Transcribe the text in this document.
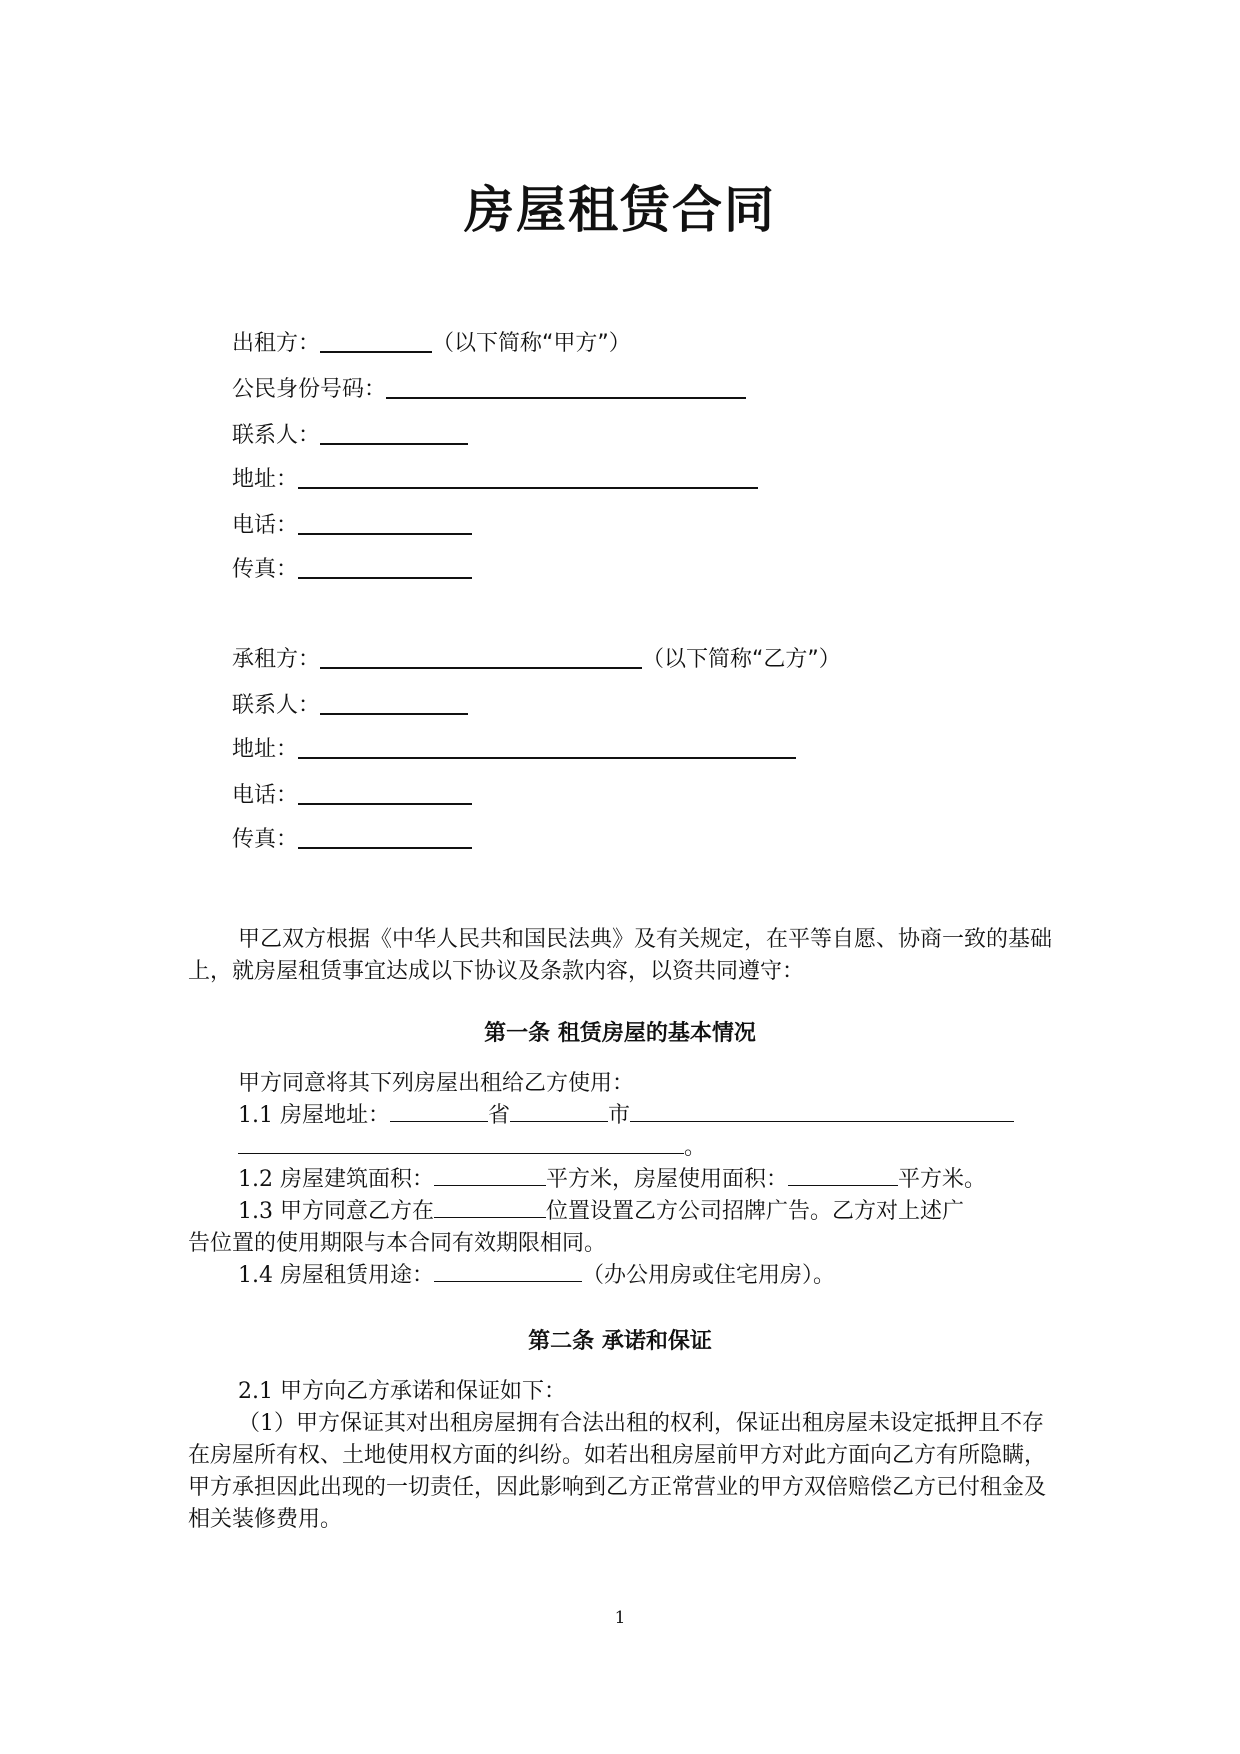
房屋租赁合同
出租方：	（以下简称“甲方”）
公民身份号码：
联系人：
地址：
电话：
传真：
承租方：	（以下简称“乙方”）
联系人：
地址：
电话：
传真：

甲乙双方根据《中华人民共和国民法典》及有关规定，在平等自愿、协商一致的基础上，就房屋租赁事宜达成以下协议及条款内容，以资共同遵守：

第一条 租赁房屋的基本情况
甲方同意将其下列房屋出租给乙方使用：
1.1 房屋地址：	省	市
。
1.2 房屋建筑面积：	平方米，房屋使用面积：	平方米。
1.3 甲方同意乙方在	位置设置乙方公司招牌广告。乙方对上述广
告位置的使用期限与本合同有效期限相同。
1.4 房屋租赁用途：	（办公用房或住宅用房）。
第二条 承诺和保证
2.1 甲方向乙方承诺和保证如下：

（1）甲方保证其对出租房屋拥有合法出租的权利，保证出租房屋未设定抵押且不存在房屋所有权、土地使用权方面的纠纷。如若出租房屋前甲方对此方面向乙方有所隐瞒，甲方承担因此出现的一切责任，因此影响到乙方正常营业的甲方双倍赔偿乙方已付租金及相关装修费用。

1
